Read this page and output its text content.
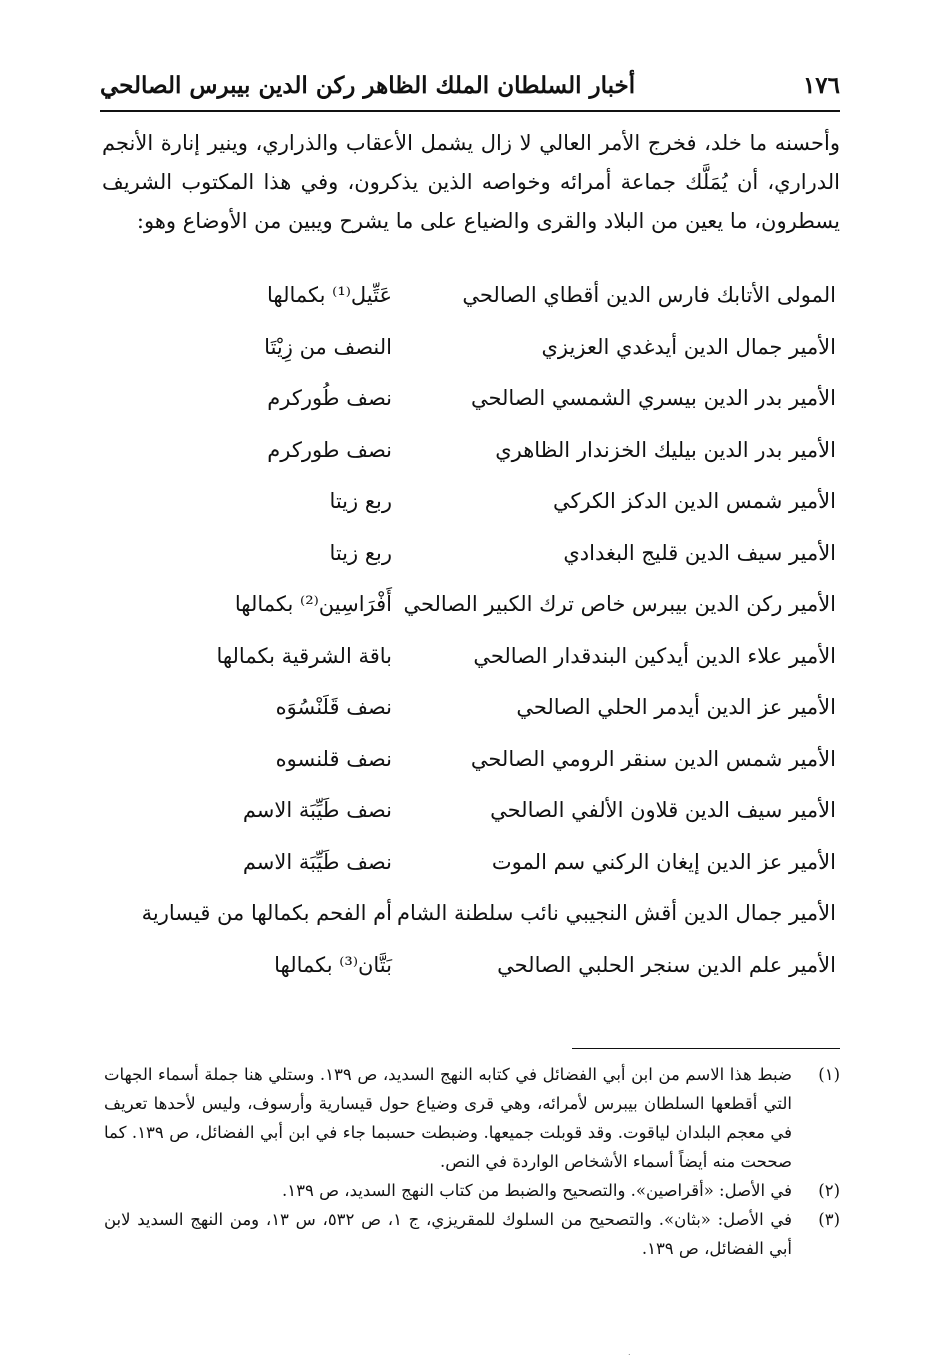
١٧٦
أخبار السلطان الملك الظاهر ركن الدين بيبرس الصالحي

وأحسنه ما خلد، فخرج الأمر العالي لا زال يشمل الأعقاب والذراري، وينير إنارة الأنجم الدراري، أن يُمَلَّك جماعة أمرائه وخواصه الذين يذكرون، وفي هذا المكتوب الشريف يسطرون، ما يعين من البلاد والقرى والضياع على ما يشرح ويبين من الأوضاع وهو:

المولى الأتابك فارس الدين أقطاي الصالحي
عَتِّيل⁽¹⁾ بكمالها
الأمير جمال الدين أيدغدي العزيزي
النصف من زِيْتَا
الأمير بدر الدين بيسري الشمسي الصالحي
نصف طُوركرم
الأمير بدر الدين بيليك الخزندار الظاهري
نصف طوركرم
الأمير شمس الدين الدكز الكركي
ربع زيتا
الأمير سيف الدين قليج البغدادي
ربع زيتا
الأمير ركن الدين بيبرس خاص ترك الكبير الصالحي
أَفْرَاسِين⁽²⁾ بكمالها
الأمير علاء الدين أيدكين البندقدار الصالحي
باقة الشرقية بكمالها
الأمير عز الدين أيدمر الحلي الصالحي
نصف قَلَنْسُوَه
الأمير شمس الدين سنقر الرومي الصالحي
نصف قلنسوه
الأمير سيف الدين قلاون الألفي الصالحي
نصف طَيِّبَة الاسم
الأمير عز الدين إيغان الركني سم الموت
نصف طَيِّبَة الاسم
الأمير جمال الدين أقش النجيبي نائب سلطنة الشام
أم الفحم بكمالها من قيسارية
الأمير علم الدين سنجر الحلبي الصالحي
بَتَّان⁽³⁾ بكمالها
(١)
ضبط هذا الاسم من ابن أبي الفضائل في كتابه النهج السديد، ص ١٣٩. وستلي هنا جملة أسماء الجهات التي أقطعها السلطان بيبرس لأمرائه، وهي قرى وضياع حول قيسارية وأرسوف، وليس لأحدها تعريف في معجم البلدان لياقوت. وقد قوبلت جميعها. وضبطت حسبما جاء في ابن أبي الفضائل، ص ١٣٩. كما صححت منه أيضاً أسماء الأشخاص الواردة في النص.
(٢)
في الأصل: «أقراصين». والتصحيح والضبط من كتاب النهج السديد، ص ١٣٩.
(٣)
في الأصل: «بثان». والتصحيح من السلوك للمقريزي، ج ١، ص ٥٣٢، س ١٣، ومن النهج السديد لابن أبي الفضائل، ص ١٣٩.
.
